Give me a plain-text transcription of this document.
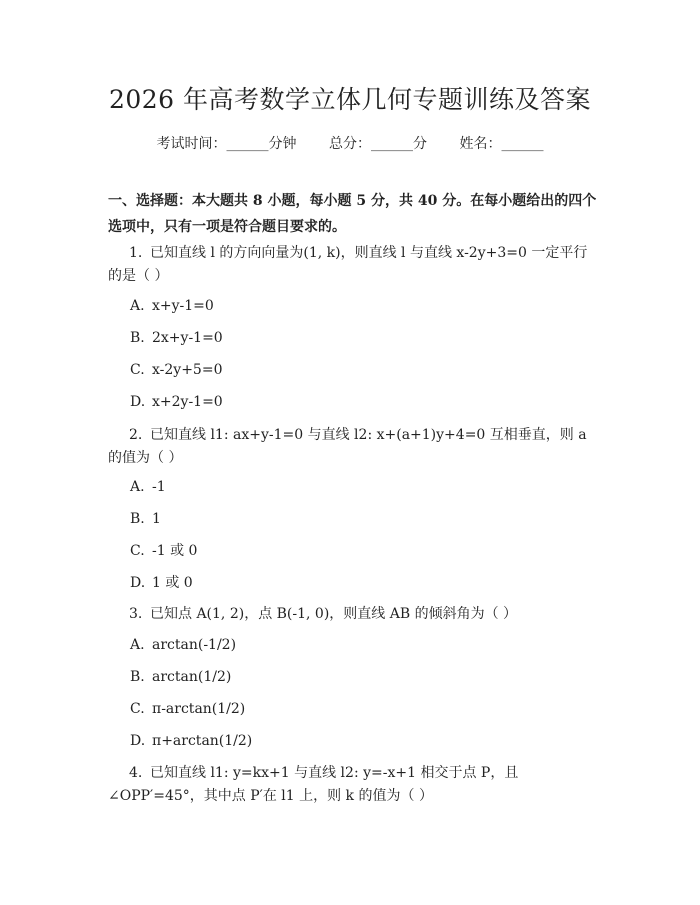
2026 年高考数学立体几何专题训练及答案
考试时间：______分钟 总分：______分 姓名：______
一、选择题：本大题共 8 小题，每小题 5 分，共 40 分。在每小题给出的四个选项中，只有一项是符合题目要求的。
1. 已知直线 l 的方向向量为(1, k)，则直线 l 与直线 x-2y+3=0 一定平行的是（ ）
A. x+y-1=0
B. 2x+y-1=0
C. x-2y+5=0
D. x+2y-1=0
2. 已知直线 l1: ax+y-1=0 与直线 l2: x+(a+1)y+4=0 互相垂直，则 a 的值为（ ）
A. -1
B. 1
C. -1 或 0
D. 1 或 0
3. 已知点 A(1, 2)，点 B(-1, 0)，则直线 AB 的倾斜角为（ ）
A. arctan(-1/2)
B. arctan(1/2)
C. π-arctan(1/2)
D. π+arctan(1/2)
4. 已知直线 l1: y=kx+1 与直线 l2: y=-x+1 相交于点 P，且∠OPP′=45°，其中点 P′在 l1 上，则 k 的值为（ ）
